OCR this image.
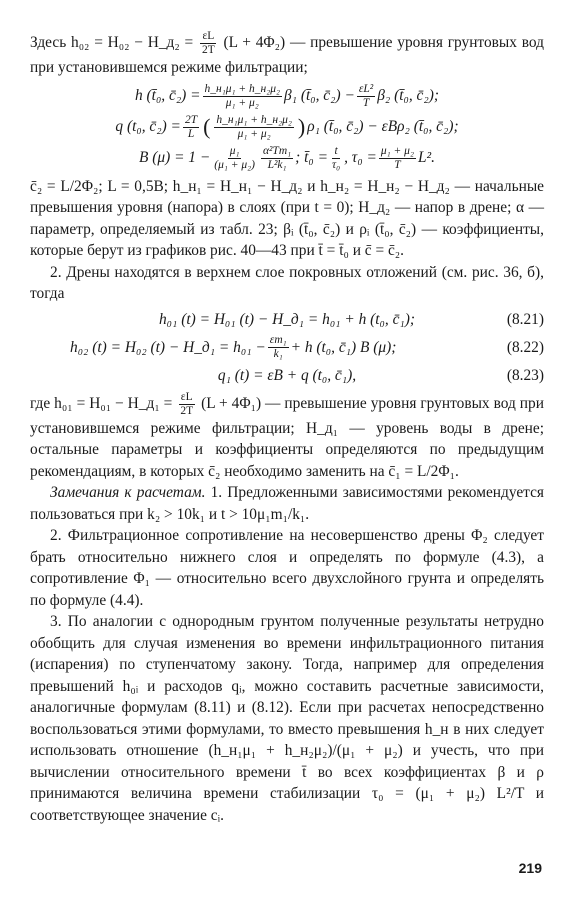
Здесь h₀₂ = H₀₂ − H_д₂ = $\frac{\varepsilon L}{2T} (L + 4\Phi_2)$ — превышение уровня грунтовых вод при установившемся режиме фильтрации;

h (t̄₀, c̄₂) = $\frac{\text{h\_н₁μ₁ + h\_н₂μ₂}}{\text{μ₁ + μ₂}} \beta_1$ (t̄₀, c̄₂) − $\frac{\text{εL²}}{T} \beta_2$ (t̄₀, c̄₂);
q (t₀, c̄₂) = $\frac{2T}{L}$ ( $\frac{\text{h\_н₁μ₁ + h\_н₂μ₂}}{\text{μ₁ + μ₂}}$ ) ρ₁ (t̄₀, c̄₂) − εBρ₂ (t̄₀, c̄₂);
B $(\mu) = 1 - \frac{\text{μ₁}}{\text{(μ₁ + μ₂)}} \frac{\text{α²Tm₁}}{\text{L²k₁}}$ ; t̄₀ = $\frac{t}{\text{τ₀}}$ , $\tau_0 = \frac{\text{μ₁ + μ₂}}{T} L^2$.

c̄₂ = L/2Φ₂; L = 0,5B; h_н₁ = H_н₁ − H_д₂ и h_н₂ = H_н₂ − H_д₂ — начальные превышения уровня (напора) в слоях (при t = 0); H_д₂ — напор в дрене; α — параметр, определяемый из табл. 23; βᵢ (t̄₀, c̄₂) и ρᵢ (t̄₀, c̄₂) — коэффициенты, которые берут из графиков рис. 40—43 при t̄ = t̄₀ и c̄ = c̄₂.

2. Дрены находятся в верхнем слое покровных отложений (см. рис. 36, б), тогда

h₀₁ (t) = H₀₁ (t) − H_д₁ = h₀₁ + h (t₀, c̄₁);	(8.21)
h₀₂ (t) = H₀₂ (t) − H_д₁ = $h_{01} - \frac{\text{εm₁}}{\text{k₁}} + h$ (t₀, c̄₁) B (μ);	(8.22)
q₁ (t) = εB + q (t₀, c̄₁),	(8.23)

где h₀₁ = H₀₁ − H_д₁ = $\frac{\varepsilon L}{2T} (L + 4\Phi_1)$ — превышение уровня грунтовых вод при установившемся режиме фильтрации; H_д₁ — уровень воды в дрене; остальные параметры и коэффициенты определяются по предыдущим рекомендациям, в которых c̄₂ необходимо заменить на c̄₁ = L/2Φ₁.

Замечания к расчетам. 1. Предложенными зависимостями рекомендуется пользоваться при k₂ > 10k₁ и t > 10μ₁m₁/k₁.

2. Фильтрационное сопротивление на несовершенство дрены Φ₂ следует брать относительно нижнего слоя и определять по формуле (4.3), а сопротивление Φ₁ — относительно всего двухслойного грунта и определять по формуле (4.4).

3. По аналогии с однородным грунтом полученные результаты нетрудно обобщить для случая изменения во времени инфильтрационного питания (испарения) по ступенчатому закону. Тогда, например для определения превышений h₀ᵢ и расходов qᵢ, можно составить расчетные зависимости, аналогичные формулам (8.11) и (8.12). Если при расчетах непосредственно воспользоваться этими формулами, то вместо превышения h_н в них следует использовать отношение (h_н₁μ₁ + h_н₂μ₂)/(μ₁ + μ₂) и учесть, что при вычислении относительного времени t̄ во всех коэффициентах β и ρ принимаются величина времени стабилизации τ₀ = (μ₁ + μ₂) L²/T и соответствующее значение cᵢ.

219
